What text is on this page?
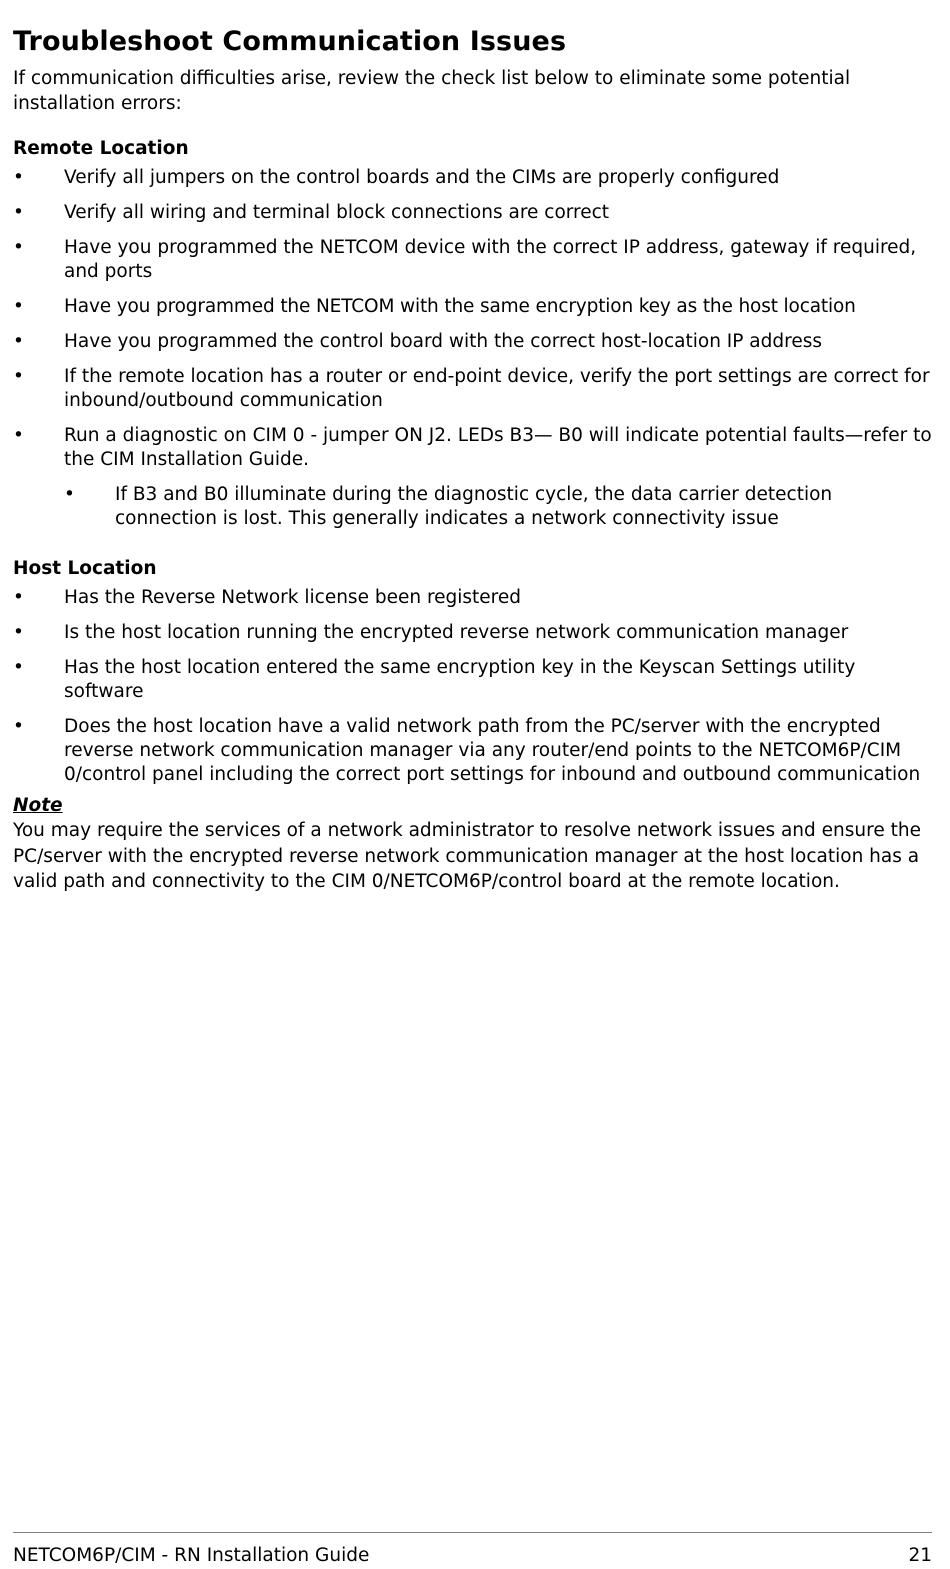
Troubleshoot Communication Issues

If communication difficulties arise, review the check list below to eliminate some potential installation errors:

Remote Location
• Verify all jumpers on the control boards and the CIMs are properly configured
• Verify all wiring and terminal block connections are correct
• Have you programmed the NETCOM device with the correct IP address, gateway if required, and ports
• Have you programmed the NETCOM with the same encryption key as the host location
• Have you programmed the control board with the correct host-location IP address
• If the remote location has a router or end-point device, verify the port settings are correct for inbound/outbound communication
• Run a diagnostic on CIM 0 - jumper ON J2. LEDs B3— B0 will indicate potential faults—refer to the CIM Installation Guide.
• If B3 and B0 illuminate during the diagnostic cycle, the data carrier detection connection is lost. This generally indicates a network connectivity issue
Host Location
• Has the Reverse Network license been registered
• Is the host location running the encrypted reverse network communication manager
• Has the host location entered the same encryption key in the Keyscan Settings utility software
• Does the host location have a valid network path from the PC/server with the encrypted reverse network communication manager via any router/end points to the NETCOM6P/CIM 0/control panel including the correct port settings for inbound and outbound communication
Note

You may require the services of a network administrator to resolve network issues and ensure the PC/server with the encrypted reverse network communication manager at the host location has a valid path and connectivity to the CIM 0/NETCOM6P/control board at the remote location.

NETCOM6P/CIM - RN Installation Guide	21
